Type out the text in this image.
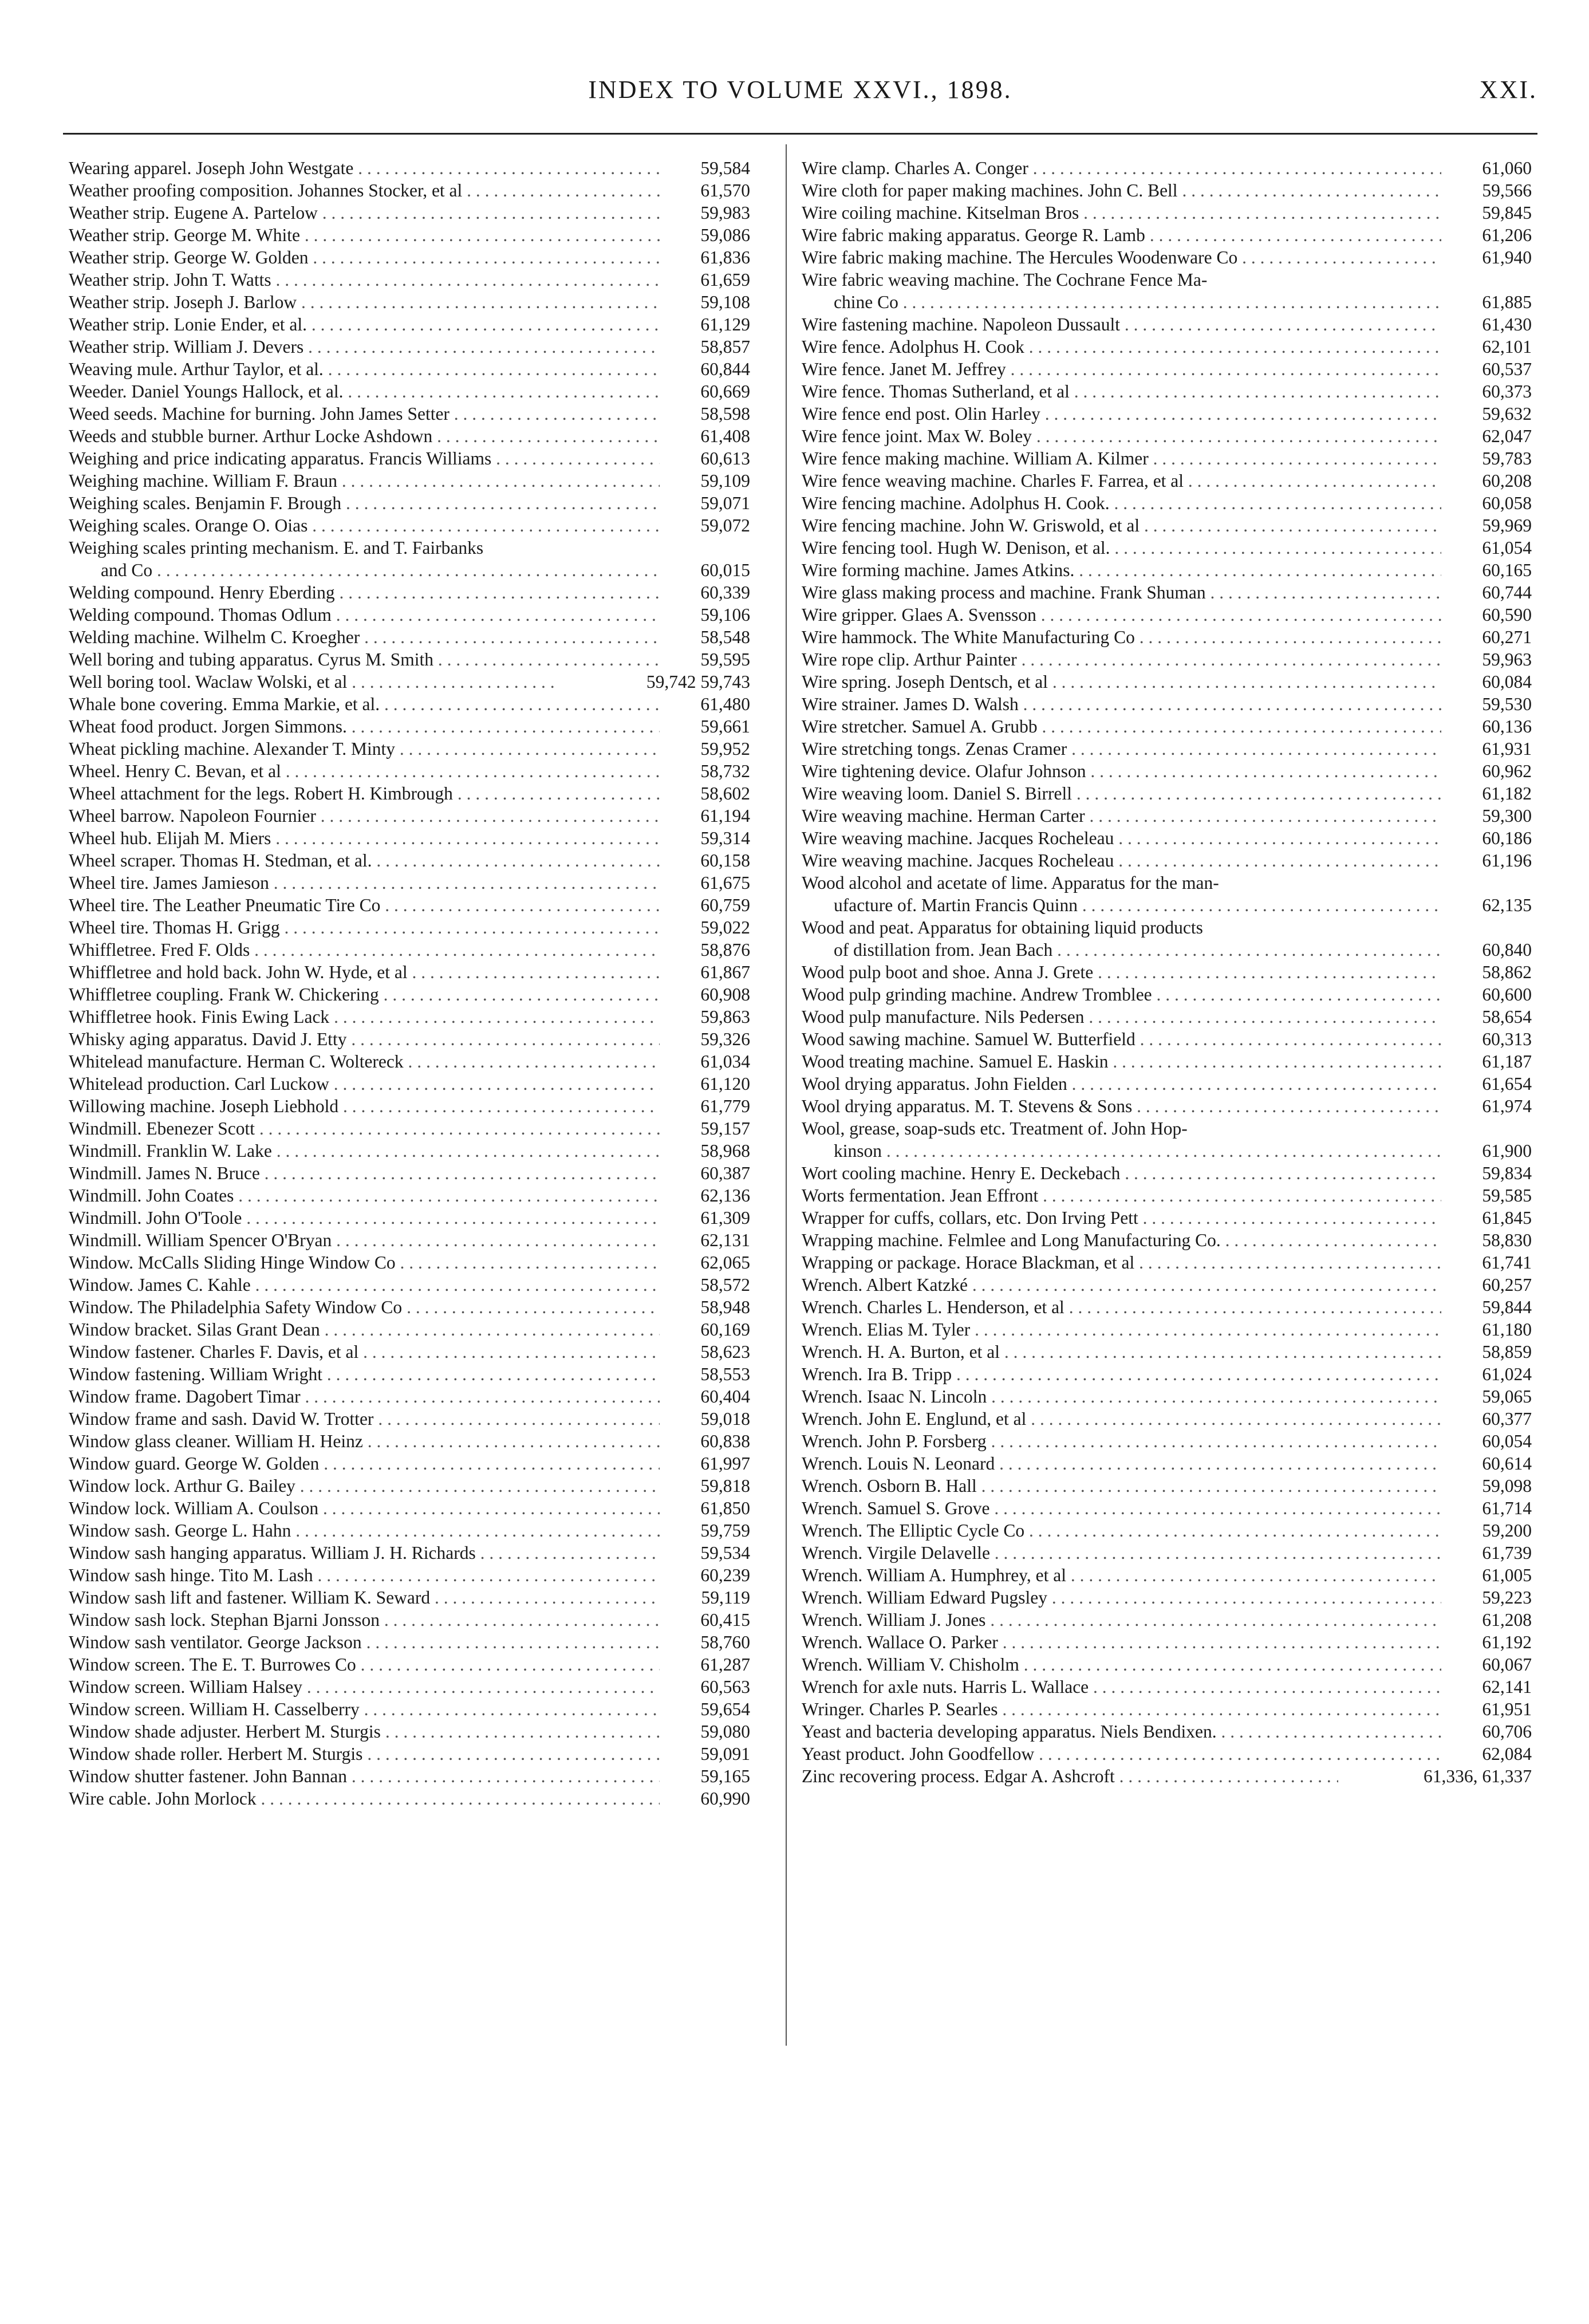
INDEX TO VOLUME XXVI., 1898.	XXI.
Wearing apparel. Joseph John Westgate . . .	59,584
Weather proofing composition. Johannes Stocker, et al . . .	61,570
Weather strip. Eugene A. Partelow . . .	59,983
Weather strip. George M. White . . .	59,086
Weather strip. George W. Golden . . .	61,836
Weather strip. John T. Watts . . .	61,659
Weather strip. Joseph J. Barlow . . .	59,108
Weather strip. Lonie Ender, et al. . . .	61,129
Weather strip. William J. Devers . . .	58,857
Weaving mule. Arthur Taylor, et al. . . .	60,844
Weeder. Daniel Youngs Hallock, et al. . . .	60,669
Weed seeds. Machine for burning. John James Setter . . .	58,598
Weeds and stubble burner. Arthur Locke Ashdown . . .	61,408
Weighing and price indicating apparatus. Francis Williams . . .	60,613
Weighing machine. William F. Braun . . .	59,109
Weighing scales. Benjamin F. Brough . . .	59,071
Weighing scales. Orange O. Oias . . .	59,072
Weighing scales printing mechanism. E. and T. Fairbanks
and Co . . .	60,015
Welding compound. Henry Eberding . . .	60,339
Welding compound. Thomas Odlum . . .	59,106
Welding machine. Wilhelm C. Kroegher . . .	58,548
Well boring and tubing apparatus. Cyrus M. Smith . . .	59,595
Well boring tool. Waclaw Wolski, et al . . .	59,742 59,743
Whale bone covering. Emma Markie, et al. . . .	61,480
Wheat food product. Jorgen Simmons. . . .	59,661
Wheat pickling machine. Alexander T. Minty . . .	59,952
Wheel. Henry C. Bevan, et al . . .	58,732
Wheel attachment for the legs. Robert H. Kimbrough . . .	58,602
Wheel barrow. Napoleon Fournier . . .	61,194
Wheel hub. Elijah M. Miers . . .	59,314
Wheel scraper. Thomas H. Stedman, et al. . . .	60,158
Wheel tire. James Jamieson . . .	61,675
Wheel tire. The Leather Pneumatic Tire Co . . .	60,759
Wheel tire. Thomas H. Grigg . . .	59,022
Whiffletree. Fred F. Olds . . .	58,876
Whiffletree and hold back. John W. Hyde, et al . . .	61,867
Whiffletree coupling. Frank W. Chickering . . .	60,908
Whiffletree hook. Finis Ewing Lack . . .	59,863
Whisky aging apparatus. David J. Etty . . .	59,326
Whitelead manufacture. Herman C. Woltereck . . .	61,034
Whitelead production. Carl Luckow . . .	61,120
Willowing machine. Joseph Liebhold . . .	61,779
Windmill. Ebenezer Scott . . .	59,157
Windmill. Franklin W. Lake . . .	58,968
Windmill. James N. Bruce . . .	60,387
Windmill. John Coates . . .	62,136
Windmill. John O'Toole . . .	61,309
Windmill. William Spencer O'Bryan . . .	62,131
Window. McCalls Sliding Hinge Window Co . . .	62,065
Window. James C. Kahle . . .	58,572
Window. The Philadelphia Safety Window Co . . .	58,948
Window bracket. Silas Grant Dean . . .	60,169
Window fastener. Charles F. Davis, et al . . .	58,623
Window fastening. William Wright . . .	58,553
Window frame. Dagobert Timar . . .	60,404
Window frame and sash. David W. Trotter . . .	59,018
Window glass cleaner. William H. Heinz . . .	60,838
Window guard. George W. Golden . . .	61,997
Window lock. Arthur G. Bailey . . .	59,818
Window lock. William A. Coulson . . .	61,850
Window sash. George L. Hahn . . .	59,759
Window sash hanging apparatus. William J. H. Richards . . .	59,534
Window sash hinge. Tito M. Lash . . .	60,239
Window sash lift and fastener. William K. Seward . . .	59,119
Window sash lock. Stephan Bjarni Jonsson . . .	60,415
Window sash ventilator. George Jackson . . .	58,760
Window screen. The E. T. Burrowes Co . . .	61,287
Window screen. William Halsey . . .	60,563
Window screen. William H. Casselberry . . .	59,654
Window shade adjuster. Herbert M. Sturgis . . .	59,080
Window shade roller. Herbert M. Sturgis . . .	59,091
Window shutter fastener. John Bannan . . .	59,165
Wire cable. John Morlock . . .	60,990
Wire clamp. Charles A. Conger . . .	61,060
Wire cloth for paper making machines. John C. Bell . . .	59,566
Wire coiling machine. Kitselman Bros . . .	59,845
Wire fabric making apparatus. George R. Lamb . . .	61,206
Wire fabric making machine. The Hercules Woodenware Co . . .	61,940
Wire fabric weaving machine. The Cochrane Fence Ma-
chine Co . . .	61,885
Wire fastening machine. Napoleon Dussault . . .	61,430
Wire fence. Adolphus H. Cook . . .	62,101
Wire fence. Janet M. Jeffrey . . .	60,537
Wire fence. Thomas Sutherland, et al . . .	60,373
Wire fence end post. Olin Harley . . .	59,632
Wire fence joint. Max W. Boley . . .	62,047
Wire fence making machine. William A. Kilmer . . .	59,783
Wire fence weaving machine. Charles F. Farrea, et al . . .	60,208
Wire fencing machine. Adolphus H. Cook. . . .	60,058
Wire fencing machine. John W. Griswold, et al . . .	59,969
Wire fencing tool. Hugh W. Denison, et al. . . .	61,054
Wire forming machine. James Atkins. . . .	60,165
Wire glass making process and machine. Frank Shuman . . .	60,744
Wire gripper. Glaes A. Svensson . . .	60,590
Wire hammock. The White Manufacturing Co . . .	60,271
Wire rope clip. Arthur Painter . . .	59,963
Wire spring. Joseph Dentsch, et al . . .	60,084
Wire strainer. James D. Walsh . . .	59,530
Wire stretcher. Samuel A. Grubb . . .	60,136
Wire stretching tongs. Zenas Cramer . . .	61,931
Wire tightening device. Olafur Johnson . . .	60,962
Wire weaving loom. Daniel S. Birrell . . .	61,182
Wire weaving machine. Herman Carter . . .	59,300
Wire weaving machine. Jacques Rocheleau . . .	60,186
Wire weaving machine. Jacques Rocheleau . . .	61,196
Wood alcohol and acetate of lime. Apparatus for the man-
ufacture of. Martin Francis Quinn . . .	62,135
Wood and peat. Apparatus for obtaining liquid products
of distillation from. Jean Bach . . .	60,840
Wood pulp boot and shoe. Anna J. Grete . . .	58,862
Wood pulp grinding machine. Andrew Tromblee . . .	60,600
Wood pulp manufacture. Nils Pedersen . . .	58,654
Wood sawing machine. Samuel W. Butterfield . . .	60,313
Wood treating machine. Samuel E. Haskin . . .	61,187
Wool drying apparatus. John Fielden . . .	61,654
Wool drying apparatus. M. T. Stevens & Sons . . .	61,974
Wool, grease, soap-suds etc. Treatment of. John Hop-
kinson . . .	61,900
Wort cooling machine. Henry E. Deckebach . . .	59,834
Worts fermentation. Jean Effront . . .	59,585
Wrapper for cuffs, collars, etc. Don Irving Pett . . .	61,845
Wrapping machine. Felmlee and Long Manufacturing Co. . . .	58,830
Wrapping or package. Horace Blackman, et al . . .	61,741
Wrench. Albert Katzké . . .	60,257
Wrench. Charles L. Henderson, et al . . .	59,844
Wrench. Elias M. Tyler . . .	61,180
Wrench. H. A. Burton, et al . . .	58,859
Wrench. Ira B. Tripp . . .	61,024
Wrench. Isaac N. Lincoln . . .	59,065
Wrench. John E. Englund, et al . . .	60,377
Wrench. John P. Forsberg . . .	60,054
Wrench. Louis N. Leonard . . .	60,614
Wrench. Osborn B. Hall . . .	59,098
Wrench. Samuel S. Grove . . .	61,714
Wrench. The Elliptic Cycle Co . . .	59,200
Wrench. Virgile Delavelle . . .	61,739
Wrench. William A. Humphrey, et al . . .	61,005
Wrench. William Edward Pugsley . . .	59,223
Wrench. William J. Jones . . .	61,208
Wrench. Wallace O. Parker . . .	61,192
Wrench. William V. Chisholm . . .	60,067
Wrench for axle nuts. Harris L. Wallace . . .	62,141
Wringer. Charles P. Searles . . .	61,951
Yeast and bacteria developing apparatus. Niels Bendixen. . . .	60,706
Yeast product. John Goodfellow . . .	62,084
Zinc recovering process. Edgar A. Ashcroft . . .	61,336, 61,337
